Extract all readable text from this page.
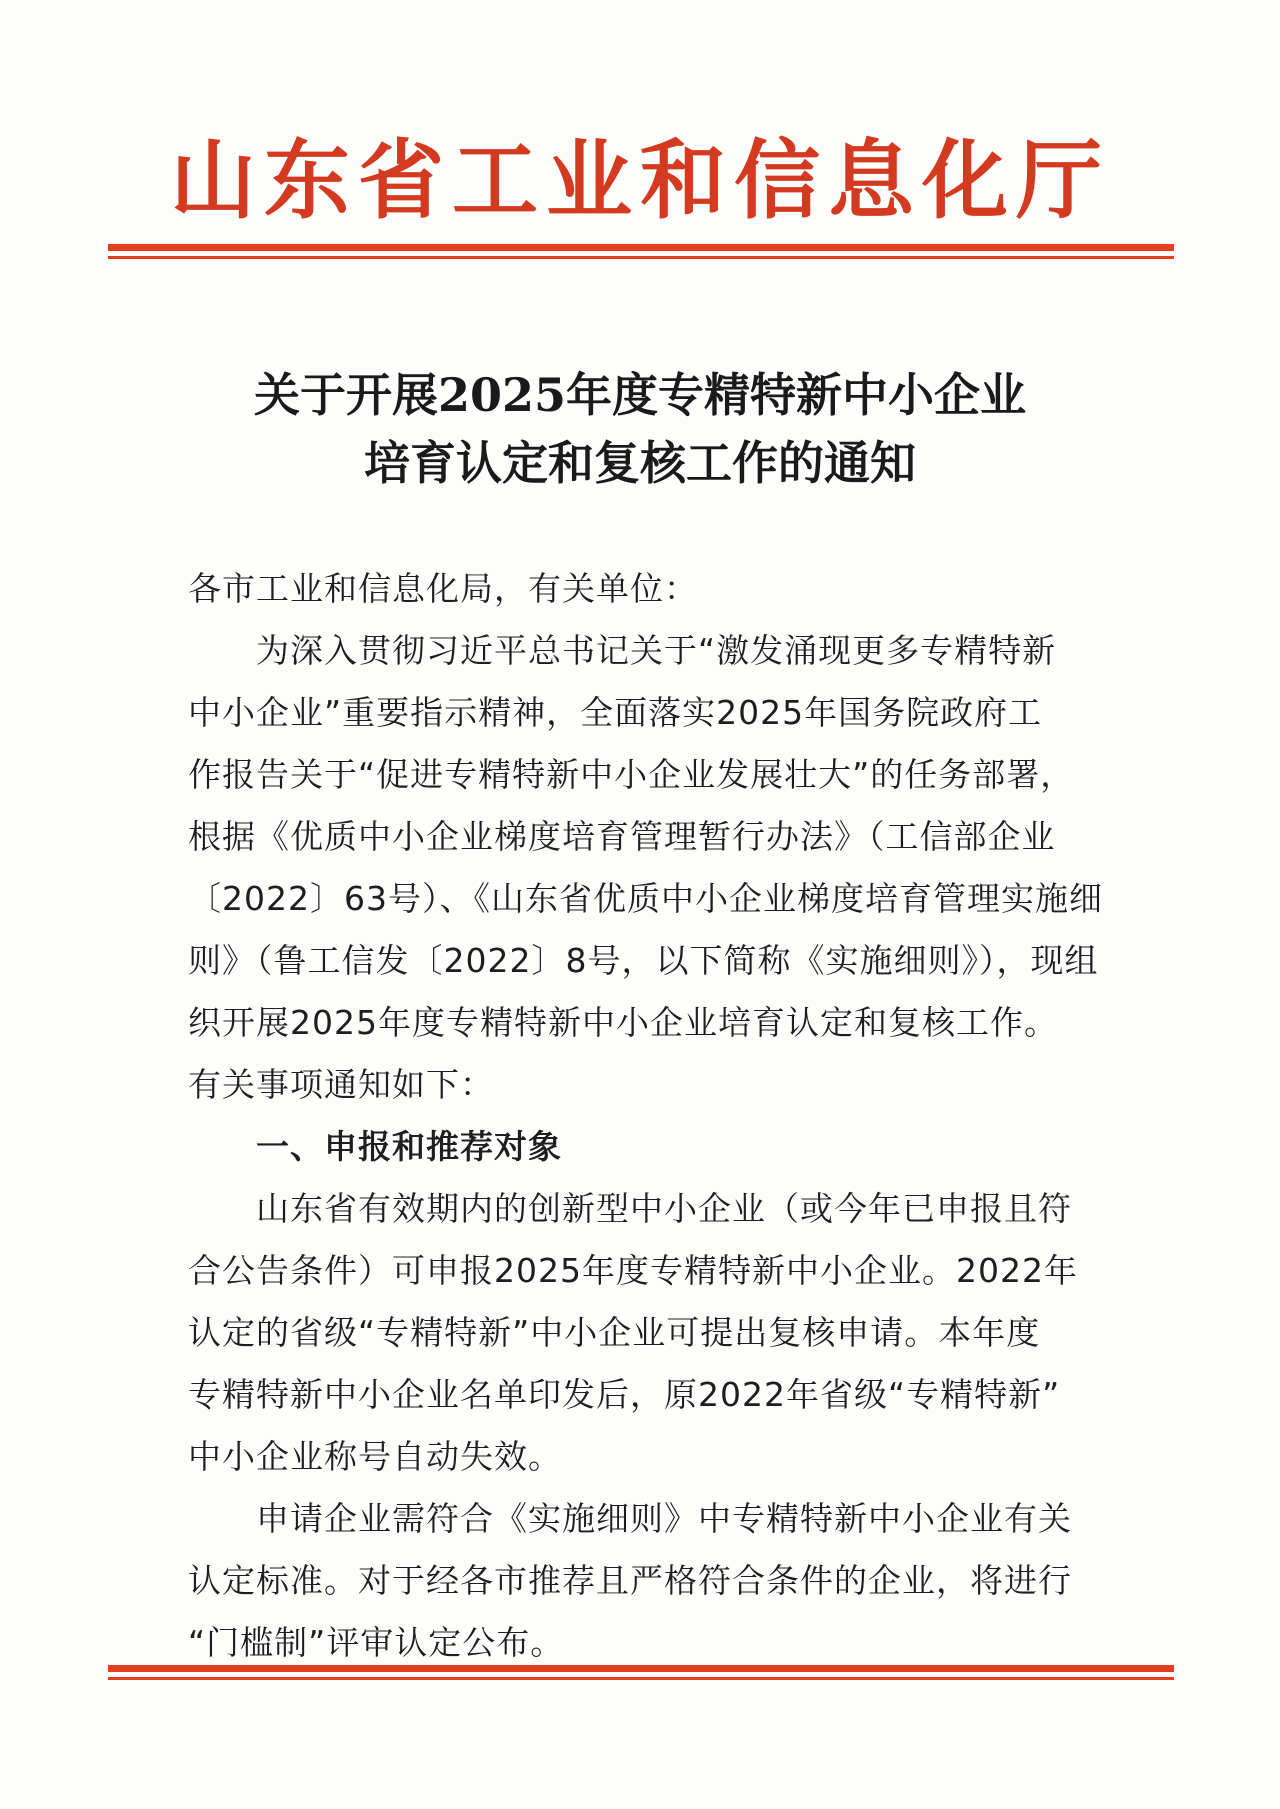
山东省工业和信息化厅
关于开展2025年度专精特新中小企业
培育认定和复核工作的通知
各市工业和信息化局，有关单位：
为深入贯彻习近平总书记关于“激发涌现更多专精特新
中小企业”重要指示精神，全面落实2025年国务院政府工
作报告关于“促进专精特新中小企业发展壮大”的任务部署，
根据《优质中小企业梯度培育管理暂行办法》（工信部企业
〔2022〕63号）、《山东省优质中小企业梯度培育管理实施细
则》（鲁工信发〔2022〕8号，以下简称《实施细则》），现组
织开展2025年度专精特新中小企业培育认定和复核工作。
有关事项通知如下：
一、申报和推荐对象
山东省有效期内的创新型中小企业（或今年已申报且符
合公告条件）可申报2025年度专精特新中小企业。2022年
认定的省级“专精特新”中小企业可提出复核申请。本年度
专精特新中小企业名单印发后，原2022年省级“专精特新”
中小企业称号自动失效。
申请企业需符合《实施细则》中专精特新中小企业有关
认定标准。对于经各市推荐且严格符合条件的企业，将进行
“门槛制”评审认定公布。
